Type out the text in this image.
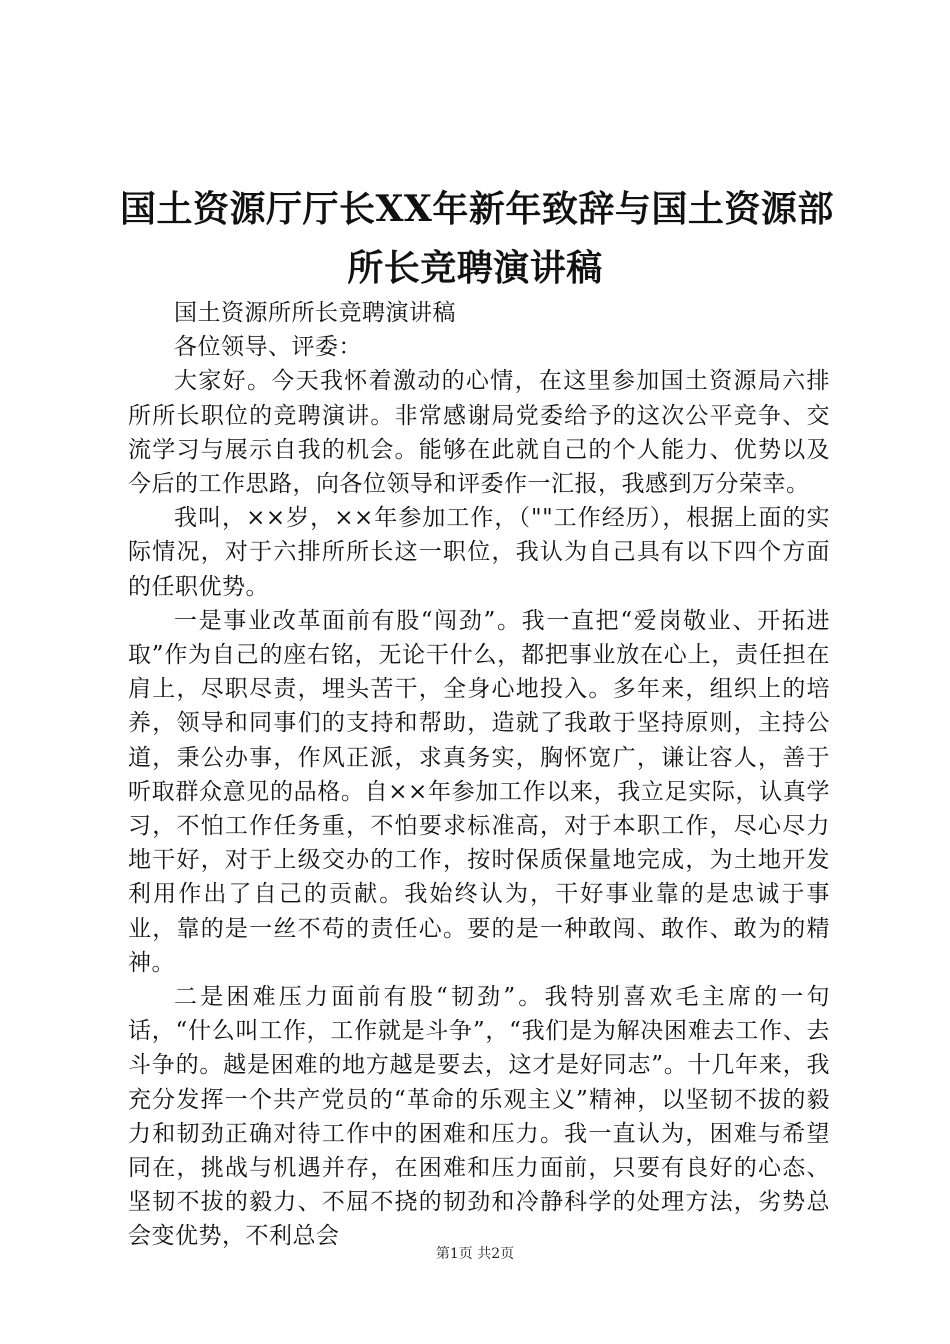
国土资源厅厅长XX年新年致辞与国土资源部
所长竞聘演讲稿

国土资源所所长竞聘演讲稿

各位领导、评委：

大家好。今天我怀着激动的心情，在这里参加国土资源局六排所所长职位的竞聘演讲。非常感谢局党委给予的这次公平竞争、交流学习与展示自我的机会。能够在此就自己的个人能力、优势以及今后的工作思路，向各位领导和评委作一汇报，我感到万分荣幸。

我叫，××岁，××年参加工作，（""工作经历），根据上面的实际情况，对于六排所所长这一职位，我认为自己具有以下四个方面的任职优势。

一是事业改革面前有股“闯劲”。我一直把“爱岗敬业、开拓进取”作为自己的座右铭，无论干什么，都把事业放在心上，责任担在肩上，尽职尽责，埋头苦干，全身心地投入。多年来，组织上的培养，领导和同事们的支持和帮助，造就了我敢于坚持原则，主持公道，秉公办事，作风正派，求真务实，胸怀宽广，谦让容人，善于听取群众意见的品格。自××年参加工作以来，我立足实际，认真学习，不怕工作任务重，不怕要求标准高，对于本职工作，尽心尽力地干好，对于上级交办的工作，按时保质保量地完成，为土地开发利用作出了自己的贡献。我始终认为，干好事业靠的是忠诚于事业，靠的是一丝不苟的责任心。要的是一种敢闯、敢作、敢为的精神。

二是困难压力面前有股“韧劲”。我特别喜欢毛主席的一句话，“什么叫工作，工作就是斗争”，“我们是为解决困难去工作、去斗争的。越是困难的地方越是要去，这才是好同志”。十几年来，我充分发挥一个共产党员的“革命的乐观主义”精神，以坚韧不拔的毅力和韧劲正确对待工作中的困难和压力。我一直认为，困难与希望同在，挑战与机遇并存，在困难和压力面前，只要有良好的心态、坚韧不拔的毅力、不屈不挠的韧劲和冷静科学的处理方法，劣势总会变优势，不利总会

第1页 共2页
